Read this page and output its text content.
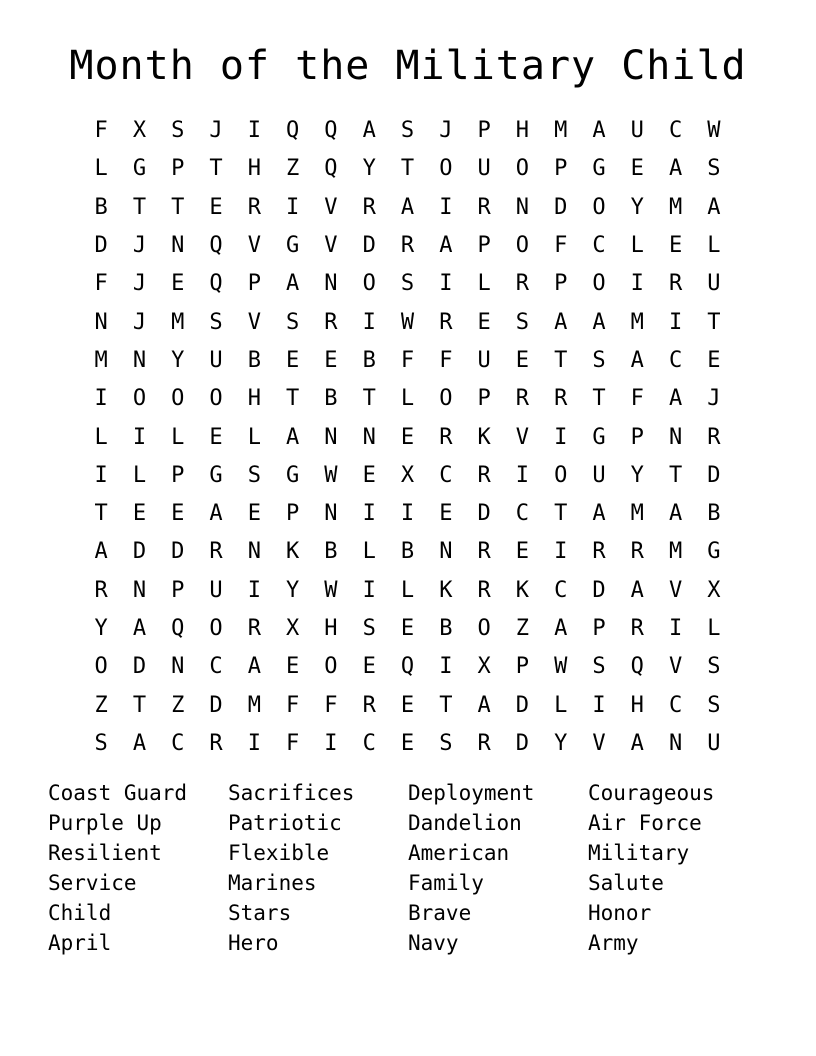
Month of the Military Child
F	X	S	J	I	Q	Q	A	S	J	P	H	M	A	U	C	W
L	G	P	T	H	Z	Q	Y	T	O	U	O	P	G	E	A	S
B	T	T	E	R	I	V	R	A	I	R	N	D	O	Y	M	A
D	J	N	Q	V	G	V	D	R	A	P	O	F	C	L	E	L
F	J	E	Q	P	A	N	O	S	I	L	R	P	O	I	R	U
N	J	M	S	V	S	R	I	W	R	E	S	A	A	M	I	T
M	N	Y	U	B	E	E	B	F	F	U	E	T	S	A	C	E
I	O	O	O	H	T	B	T	L	O	P	R	R	T	F	A	J
L	I	L	E	L	A	N	N	E	R	K	V	I	G	P	N	R
I	L	P	G	S	G	W	E	X	C	R	I	O	U	Y	T	D
T	E	E	A	E	P	N	I	I	E	D	C	T	A	M	A	B
A	D	D	R	N	K	B	L	B	N	R	E	I	R	R	M	G
R	N	P	U	I	Y	W	I	L	K	R	K	C	D	A	V	X
Y	A	Q	O	R	X	H	S	E	B	O	Z	A	P	R	I	L
O	D	N	C	A	E	O	E	Q	I	X	P	W	S	Q	V	S
Z	T	Z	D	M	F	F	R	E	T	A	D	L	I	H	C	S
S	A	C	R	I	F	I	C	E	S	R	D	Y	V	A	N	U
Coast Guard	Sacrifices	Deployment	Courageous
Purple Up	Patriotic	Dandelion	Air Force
Resilient	Flexible	American	Military
Service	Marines	Family	Salute
Child	Stars	Brave	Honor
April	Hero	Navy	Army
